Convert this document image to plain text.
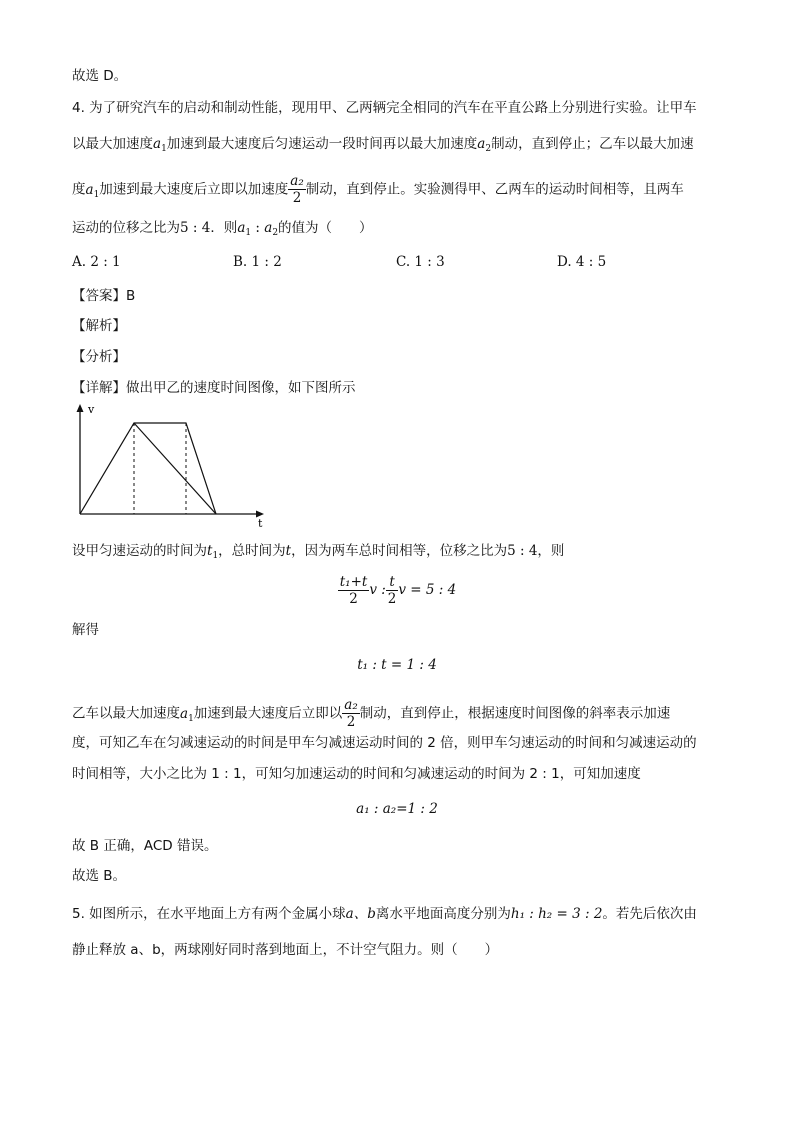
故选 D。
4. 为了研究汽车的启动和制动性能，现用甲、乙两辆完全相同的汽车在平直公路上分别进行实验。让甲车
以最大加速度$a_1$加速到最大速度后匀速运动一段时间再以最大加速度$a_2$制动，直到停止；乙车以最大加速
度$a_1$加速到最大速度后立即以加速度 $\frac{\text{a₂}}{2}$ 制动，直到停止。实验测得甲、乙两车的运动时间相等，且两车
运动的位移之比为5 : 4．则$a_1$ : $a_2$的值为（　　）
A. 2 : 1	B. 1 : 2	C. 1 : 3	D. 4 : 5
【答案】B
【解析】
【分析】
【详解】做出甲乙的速度时间图像，如下图所示
v
t
设甲匀速运动的时间为$t_1$，总时间为t，因为两车总时间相等，位移之比为5 : 4，则
$\frac{\text{t₁+t}}{2}$ v : $\frac{t}{2}$ v = 5 : 4
解得
t₁ : t = 1 : 4
乙车以最大加速度$a_1$加速到最大速度后立即以 $\frac{\text{a₂}}{2}$ 制动，直到停止，根据速度时间图像的斜率表示加速
度，可知乙车在匀减速运动的时间是甲车匀减速运动时间的 2 倍，则甲车匀速运动的时间和匀减速运动的
时间相等，大小之比为 1 : 1，可知匀加速运动的时间和匀减速运动的时间为 2 : 1，可知加速度
a₁ : a₂=1 : 2
故 B 正确，ACD 错误。
故选 B。
5. 如图所示，在水平地面上方有两个金属小球a、b离水平地面高度分别为h₁ : h₂ = 3 : 2。若先后依次由
静止释放 a、b，两球刚好同时落到地面上，不计空气阻力。则（　　）
